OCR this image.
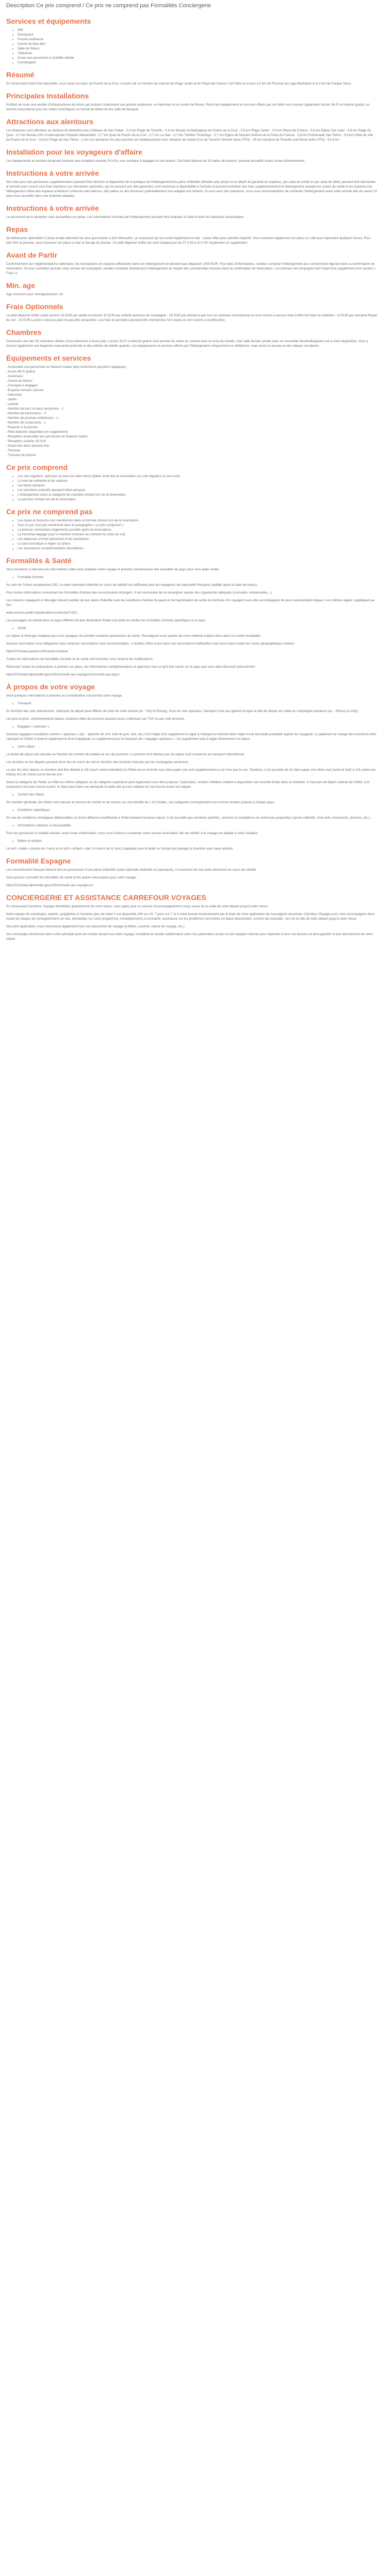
Description Ce prix comprend / Ce prix ne comprend pas Formalités Conciergerie
Services et équipements
• Wifi
• Restaurant
• Piscine extérieure
• Centre de bien-être
• Salle de fitness
• Télévision
• Accès aux personnes à mobilité réduite
• Conciergerie
Résumé

En choisissant Hotel Don Manuelito, vous serez au cœur de Puerto de la Cruz, à moins de 10 minutes de marche de Plage Jardin et de Playa del Charco. Cet hôtel se trouve à 2 km de Piscinas du Lago Martiánez et à 2 km de Parque Taoro.

Principales Installations

Profitez de toute une variété d'infrastructures de loisirs qui incluent notamment une piscine extérieure, un hammam et un centre de fitness. Parmi les équipements et services offerts par cet hôtel vous trouvez également l'accès Wi-Fi et Internet gratuit, un service d'assistance pour les visites touristiques ou l'achat de billets et une salle de banquet.

Attractions aux alentours

Les distances sont affichées au dixième de kilomètre près.Château de San Felipe - 0,4 km Plage de Tenerife - 0,4 km Musée Archéologique de Puerto de la Cruz - 0,5 km Plage Jardin - 0,5 km Plaza del Charco - 0,6 km Église San Juan - 0,6 km Plage du Quai - 0,7 km Musée d'Art Contemporain Eduardo Westerdahl - 0,7 km Quai de Puerto de la Cruz - 0,7 km La Nao - 0,7 km Théâtre Timanfaya - 0,7 km Église de Nuestra Señora de la Peña de Francia - 0,8 km Promenade San Telmo - 0,8 km Hôtel de ville de Puerto de la Cruz - 0,8 km Plage de San Telmo - 1 km Les aéroports les plus proches de l'établissement sont: Aéroport de Santa Cruz de Tenerife Tenerife Nord (TFN) - 28 km Aéroport de Tenerife sud Reina Sofia (TFS) - 91,9 km

Installation pour les voyageurs d'affaire

Les équipements et services proposés incluent une réception ouverte 24 h/24, une consigne à bagages et une laverie. Cet hôtel dispose de 10 salles de réunion, pouvant accueillir toutes sortes d'événements.

Instructions à votre arrivée

Des frais pour des personnes supplémentaires peuvent être facturés et dépendent de la politique de l'hébergementUne pièce d'identité officielle avec photo et un dépôt de garantie en espèces, par carte de crédit ou par carte de débit, peuvent être demandés à l'arrivée pour couvrir tous frais imprévus.Les demandes spéciales, qui ne peuvent pas être garanties, sont soumises à disponibilité à l'arrivée et peuvent entraîner des frais supplémentairesCet hébergement accepte les cartes de crédit et les espèces.Cet hébergement utilise des espaces extérieurs communs des balcons, des patios ou des terrasses potentiellement non adaptés aux enfants. Si vous avez des questions, nous vous recommandons de contacter l'hébergement avant votre arrivée afin de savoir s'il peut vous accueillir dans une chambre adaptée.

Instructions à votre arrivée

Le personnel de la réception vous accueillera sur place. Les informations fournies par l'hébergement peuvent être traduites à l'aide d'outils de traduction automatique.

Repas

De délicieuses spécialités Cuisine locale attendent les plus gourmands à Don Manuelito, un restaurant qui est ouvert également en bar ; saluer billet pour prendre l'apéritif. Vous trouverez également sur place un café pour reprendre quelques forces. Pour bien finir la journée, vous trouverez sur place un bar et lounge de piscine. Un petit déjeuner buffet est servi chaque jour de 07 h 30 à 10 h 00 moyennant un supplément.

Avant de Partir

Conformément aux réglementations nationales, les transactions en espèces effectuées dans cet hébergement ne peuvent pas dépasser 1000 EUR. Pour plus d'informations, veuillez contacter l'hébergement aux coordonnées figurant dans la confirmation de réservation. Si vous souhaitez annuler votre arrivée de compagnie, veuillez contacter directement l'hébergement au moyen des coordonnées fournies dans la confirmation de réservation. Les animaux de compagnie font l'objet d'un supplément (voir section « Frais »).

Min. age

Age minimum pour l'enregistrement: 18

Frais Optionnels

Le petit déjeuner buffet coûte environ 16 EUR par adulte et environ 10 EUR par enfantL'animaux de compagnie : 15 EUR par animal et par nuit Les animaux d'assistance ne sont soumis à aucuns frais.Coffre-fort dans la chambre : 15 EUR par semaine Repas du soir : 20 EUR La liste ci-dessus peut ne pas être exhaustive. Les frais et acomptes peuvent être mentionnés hors taxes et sont soumis à modification.

Chambres

Choisissez une des 92 chambres dotées d'une télévision à écran plat. L'accès Wi-Fi à Internet gratuit vous permet de rester en contact avec le reste du monde. Une salle de bain privée avec un ensemble douche/baignoire est à votre disposition. Vous y trouvez également une baignoire-massante profonde et des articles de toilette gratuits. Les équipements et services offerts par l'hébergement comprennent un téléphone, mais aussi un bureau et des rideaux occultants.

Équipements et services
- Accessible aux personnes en fauteuil roulant (des restrictions peuvent s'appliquer)
- Accès Wi-Fi gratuit
- Ascenseur
- Centre de fitness
- Consigne à bagages
- Espaces fumeurs prévus
- Hammam
- Jardin
- Laverie
- Nombre de bars ou lieux de piscine - 1
- Nombre de bars/salons - 3
- Nombre de piscines extérieures - 1
- Nombre de restaurants - 1
- Parasols à la piscine
- Petit déjeuner disponible (en supplément)
- Réception accessible aux personnes en fauteuil roulant
- Réception ouverte 24 h/24
- Snack-bar et/ou épicerie fine
- Terrasse
- Transats de piscine
Ce prix comprend
• Les vols réguliers, spéciaux ou low-cost aller-retour (billets émis dès la réservation sur vols réguliers ou low-cost).
• La taxe de solidarité et de carbone.
• Les taxes aéroport.
• Les transferts collectifs aéroport-hôtel-aéroport.
• L'hébergement selon la catégorie de chambre choisie lors de la réservation.
• La pension choisie lors de la réservation.
Ce prix ne comprend pas
• Les repas et boissons non mentionnés dans la formule choisie lors de la réservation.
• Tout ce qui n'est pas mentionné dans le paragraphe « Le prix comprend ».
• La boisson contractant (règlement) possible après la réservation).
• La franchise bagage (sauf si mention contraire au moment du choix du vol).
• Les dépenses d'ordre personnel et les pourboires.
• La taxe touristique à régler sur place.
• Les assurances complémentaires facultatives.
Formalités & Santé

Vous trouverez ci-dessous les informations utiles pour préparer votre voyage et prendre connaissance des actualités du pays pour vous aider visiter.

• Formalité d'entrée

Au sein de l'Union européenne (UE), la carte nationale d'identité en cours de validité est suffisante pour les voyageurs de nationalité française (validité après la date de retour).

Pour toutes informations concernant les formalités d'entrée des ressortissants étrangers, il est nécessaire de se renseigner auprès des organismes adéquats (consulats, ambassades...).

Les mineurs voyageant à l'étranger doivent justifier de leur pièce d'identité (voir les conditions d'entrée du pays) et de l'autorisation de sortie du territoire s'ils voyagent sans être accompagnés de leurs représentants légaux. Les mêmes règles s'appliquent au lien:

www.service-public.fr/particuliers/vosdroits/F1922

Les passagers en transit dans un pays différent de leur destination finale sont priés de vérifier les formalités d'entrée spécifiques à ce pays.

• Santé

Un séjour à l'étranger implique pour tout voyageur de prendre certaines précautions de santé. Renseignez-vous auprès de votre médecin traitant et/ou dans un centre hospitalier.

Aucune vaccination n'est obligatoire mais certaines vaccinations sont recommandées ; n'oubliez d'être à jour dans vos vaccinations habituelles mais aussi dans toutes les zones géographiques visitées.

http/XXXXwww.pasteur.fr/fr/centre-medical

Toutes les informations de formalités d'entrée et de santé sont données sous réserve de modifications.

Retrouvez toutes les précautions à prendre sur place, les informations complémentaires et apprenez tout ce qu'il faut savoir sur le pays que vous allez découvrir précisément :

http/XXXXwww.diplomatie.gouv.fr/fr/conseils-aux-voyageurs/conseils-par-pays/

À propos de votre voyage

Voici quelques informations à prendre en considération concernant votre voyage.

• Transport

En fonction des vols sélectionnés, l'aéroport de départ peut différer de celui de votre arrivée (ex : Orly et Roissy). Pour les vols spéciaux, l'aéroport n'est pas garanti lorsque la ville de départ est reliée en compagnie plusieurs (ex. : Roissy ou Orly).

Les prix et préci. acheminements depuis certaines villes de province peuvent aussi s'effectuer par TGV ou par voie terrestre.

• Bagages « spéciaux »

Certains bagages considérés comme « spéciaux » (ex. : planche de surf, club de golf, vélo, etc.) font l'objet d'un supplément à régler à l'aéroport et doivent faire l'objet d'une demande préalable auprès du voyagiste. Le paiement se charge des transferts entre l'aéroport et l'hôtel si réserve également le droit d'appliquer un supplément pour le transport de « bagages spéciaux ». Ce supplément sera à régler directement sur place.

• Votre séjour

La durée de séjour est calculée en fonction du nombre de nuitées et non de journées. Le premier et le dernier jour du séjour sont consacrés au transport international.

Les arrivées ou les départs peuvent avoir lieu en cours de nuit en fonction des horaires imposés par les compagnies aériennes.

Le jour de votre départ, la chambre doit être libérée à 12h (sauf contre-indication) et l'hôtel est en droit de vous faire payer une nuit supplémentaire si ce n'est pas le cas. Toutefois, il est possible de les faire payer une 2ème nuit (selon le tarif) à 12h (selon les hôtels) lors du check-out le dernier jour.

Selon la catégorie de l'hôtel, un hôtel en même catégorie ou de catégorie supérieure peut également vous être proposé. Cependant, certains hôteliers mettent à disposition une assiette froide dans la chambre. Il n'est pas de départ matinal de l'hôtel, si le restaurant n'est pas encore ouvert, le client peut faire une demande la veille afin qu'une collation lui soit fournie avant son départ.

• Confort des hôtels

De manière générale, les hôtels sont classés en termes de confort et de service sur une échelle de 1 à 5 étoiles, ces catégories correspondent aux normes locales propres à chaque pays.

• Conditions spécifiques

En cas de conditions climatiques défavorables ou d'une affluence insuffisante à l'hôtel pendant la basse saison, il est possible que certaines activités, services et installations ne soient pas proposées (sports collectifs, mini-club, restaurants, piscines, etc.).

• Informations relatives à l'accessibilité

Pour les personnes à mobilité réduite, avant toute confirmation, nous vous invitons à contacter notre service réservation afin de vérifier si le voyage est adapté à votre situation.

• Bébés et enfants

Le tarif « bébé » (moins de 2 ans) ou le tarif « enfant » (de 2 à moins de 12 ans) s'applique pour le bébé ou l'enfant qui partage la chambre avec deux adultes.

Formalité Espagne

Les ressortissants français doivent être en possession d'une pièce d'identité (carte nationale d'identité ou passeport), à l'exclusion de tout autre document en cours de validité.

Vous pouvez consulter les formalités de santé et les autres nécessaires pour votre voyage :

http/XXXXwww.diplomatie.gouv.fr/fr/conseils-aux-voyageurs/

CONCIERGERIE ET ASSISTANCE CARREFOUR VOYAGES

En choisissant Carrefour Voyages bénéficiez gratuitement de votre séjour, vous optez pour un service d'accompagnement conçu avant de la veille de votre départ jusqu'à votre retour.

Notre équipe de concierges, experts, polyglottes et humaine (peu de robot !) est disponible 24h sur 24, 7 jours sur 7 et à votre écoute exclusivement par le biais de notre application de messagerie sécurisée. Carrefour Voyages pour vous accompagner dans toutes les étapes de l'enregistrement de vols, demandes sur votre programme, renseignements à connaître, assistance sur les problèmes rencontrés en place directement, comme par exemple : lors de la ville de votre départ jusqu'à votre retour.

Via votre application, vous retrouverez également tous vos documents de voyage (e-billets, voucher, carnet de voyage, etc.).

Vos concierges deviennent alors votre principal point de contact durant tout votre voyage, travaillant en étroite collaboration avec nos partenaires locaux et nos équipes internes pour répondre à tous vos besoins et ainsi garantir le bon déroulement de votre séjour.
